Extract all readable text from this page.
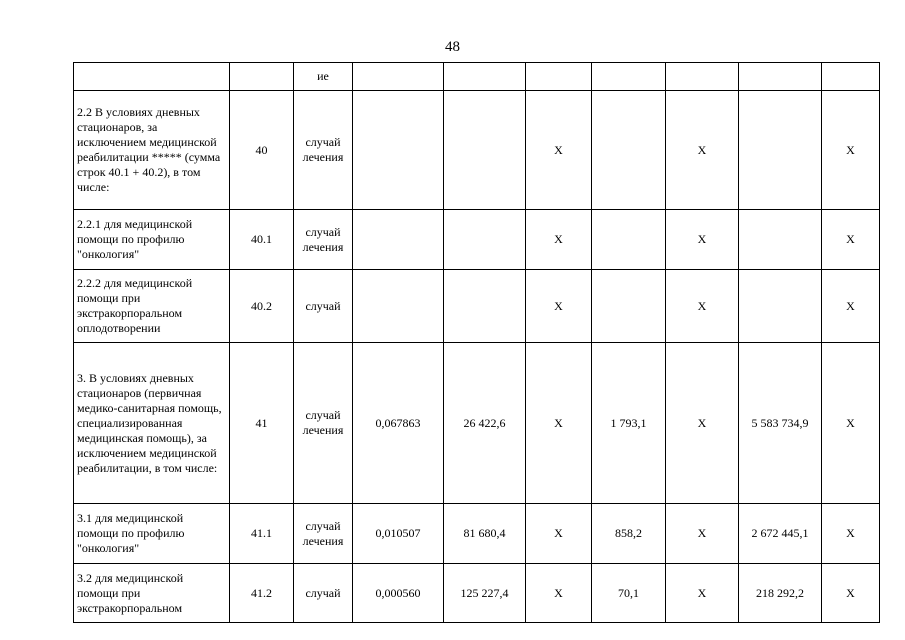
48
		ие							
2.2 В условиях дневных стационаров, за исключением медицинской реабилитации ***** (сумма строк 40.1 + 40.2), в том числе:	40	случай лечения			Х		Х		Х
2.2.1 для медицинской помощи по профилю "онкология"	40.1	случай лечения			Х		Х		Х
2.2.2 для медицинской помощи при экстракорпоральном оплодотворении	40.2	случай			Х		Х		Х
3. В условиях дневных стационаров (первичная медико-санитарная помощь, специализированная медицинская помощь), за исключением медицинской реабилитации, в том числе:	41	случай лечения	0,067863	26 422,6	Х	1 793,1	Х	5 583 734,9	Х
3.1 для медицинской помощи по профилю "онкология"	41.1	случай лечения	0,010507	81 680,4	Х	858,2	Х	2 672 445,1	Х
3.2 для медицинской помощи при экстракорпоральном	41.2	случай	0,000560	125 227,4	Х	70,1	Х	218 292,2	Х
